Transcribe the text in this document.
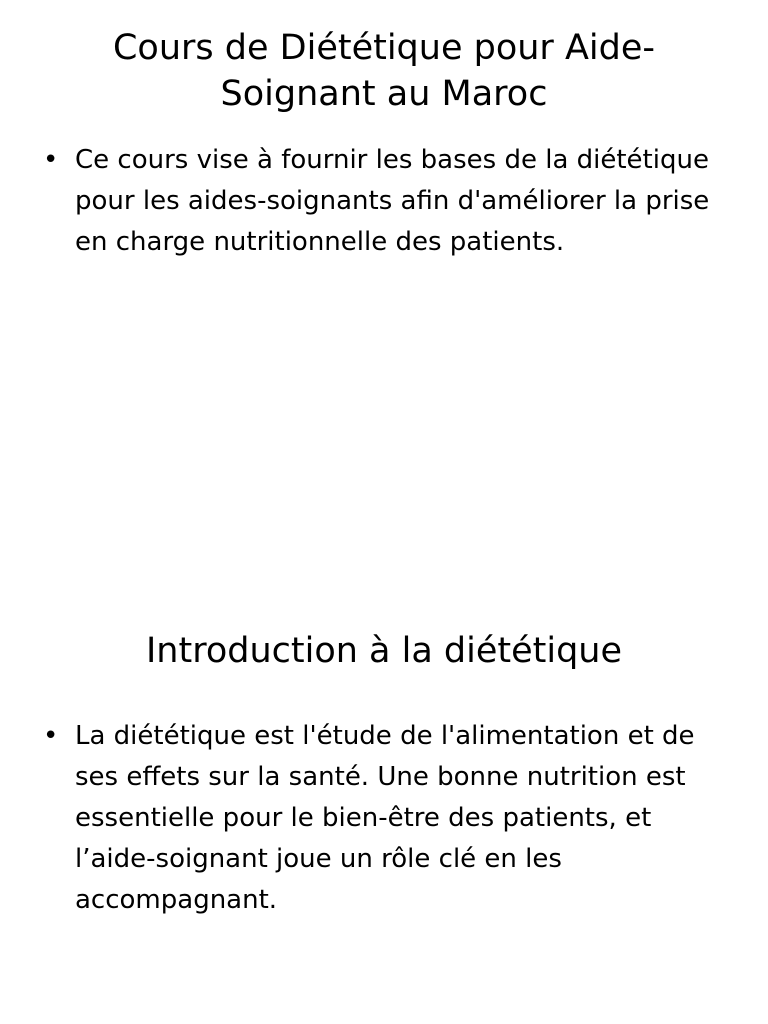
Cours de Diététique pour Aide-Soignant au Maroc
• Ce cours vise à fournir les bases de la diététique pour les aides-soignants afin d'améliorer la prise en charge nutritionnelle des patients.
Introduction à la diététique
• La diététique est l'étude de l'alimentation et de ses effets sur la santé. Une bonne nutrition est essentielle pour le bien-être des patients, et l’aide-soignant joue un rôle clé en les accompagnant.
